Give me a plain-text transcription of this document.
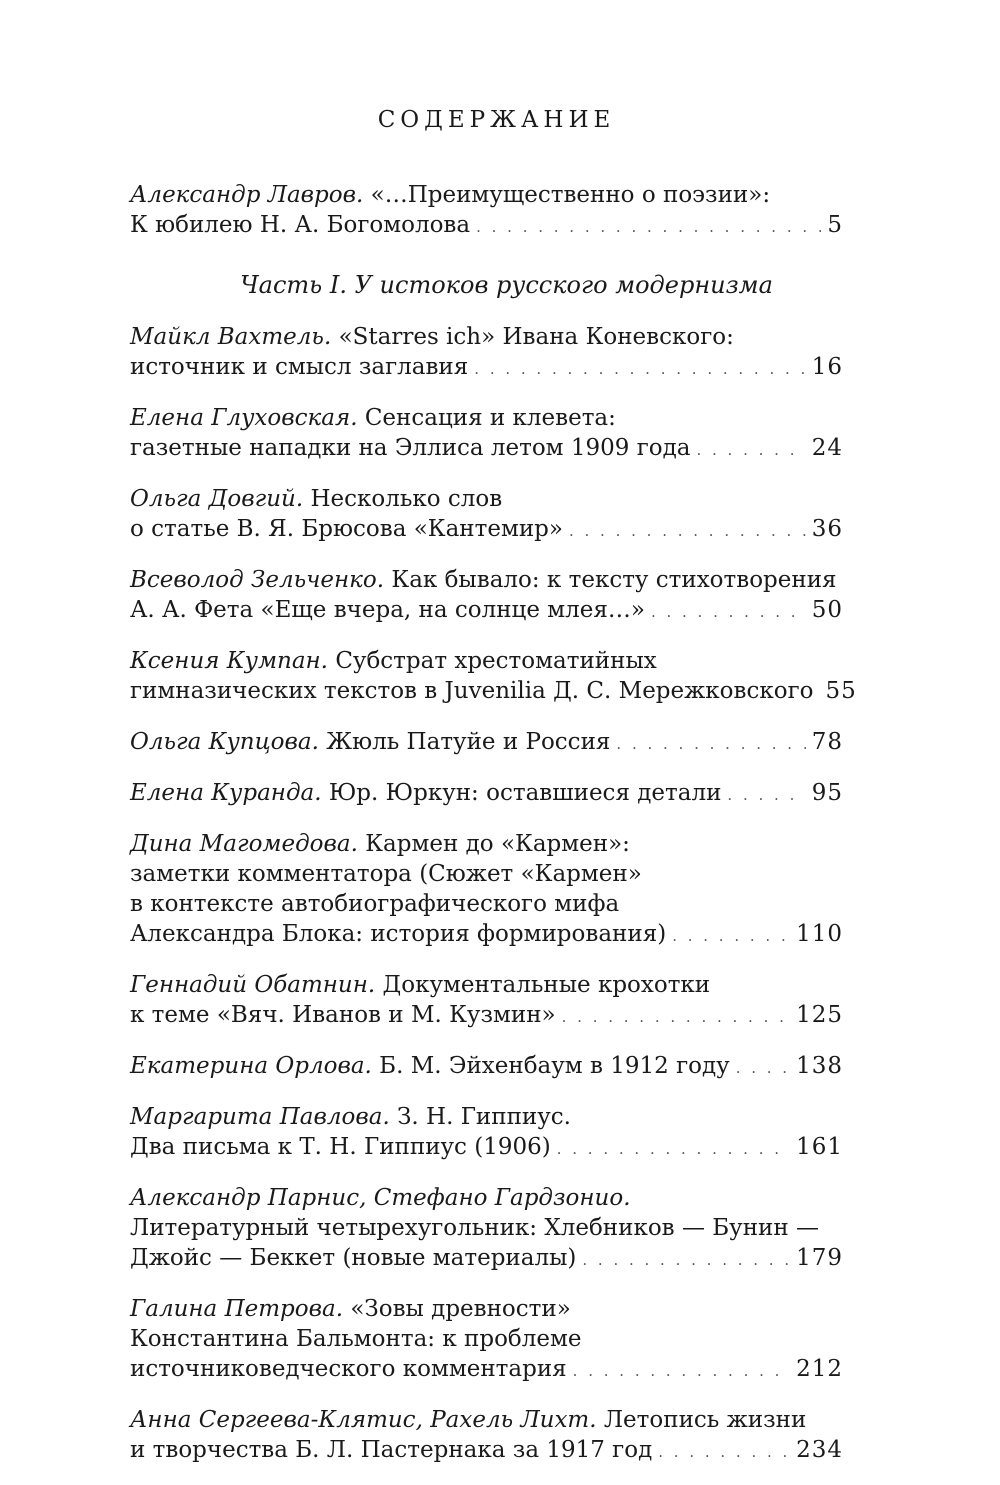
СОДЕРЖАНИЕ
Александр Лавров. «…Преимущественно о поэзии»:
К юбилею Н. А. Богомолова . . .	5
Часть I. У истоков русского модернизма
Майкл Вахтель. «Starres ich» Ивана Коневского:
источник и смысл заглавия . . .	16
Елена Глуховская. Сенсация и клевета:
газетные нападки на Эллиса летом 1909 года . . .	24
Ольга Довгий. Несколько слов
о статье В. Я. Брюсова «Кантемир» . . .	36
Всеволод Зельченко. Как бывало: к тексту стихотворения
А. А. Фета «Еще вчера, на солнце млея…» . . .	50
Ксения Кумпан. Субстрат хрестоматийных
гимназических текстов в Juvenilia Д. С. Мережковского 55
Ольга Купцова. Жюль Патуйе и Россия . . .	78
Елена Куранда. Юр. Юркун: оставшиеся детали . . .	95
Дина Магомедова. Кармен до «Кармен»:
заметки комментатора (Сюжет «Кармен»
в контексте автобиографического мифа
Александра Блока: история формирования) . . .	110
Геннадий Обатнин. Документальные крохотки
к теме «Вяч. Иванов и М. Кузмин» . . .	125
Екатерина Орлова. Б. М. Эйхенбаум в 1912 году . . .	138
Маргарита Павлова. З. Н. Гиппиус.
Два письма к Т. Н. Гиппиус (1906) . . .	161
Александр Парнис, Стефано Гардзонио.
Литературный четырехугольник: Хлебников — Бунин —
Джойс — Беккет (новые материалы) . . .	179
Галина Петрова. «Зовы древности»
Константина Бальмонта: к проблеме
источниковедческого комментария . . .	212
Анна Сергеева-Клятис, Рахель Лихт. Летопись жизни
и творчества Б. Л. Пастернака за 1917 год . . .	234
